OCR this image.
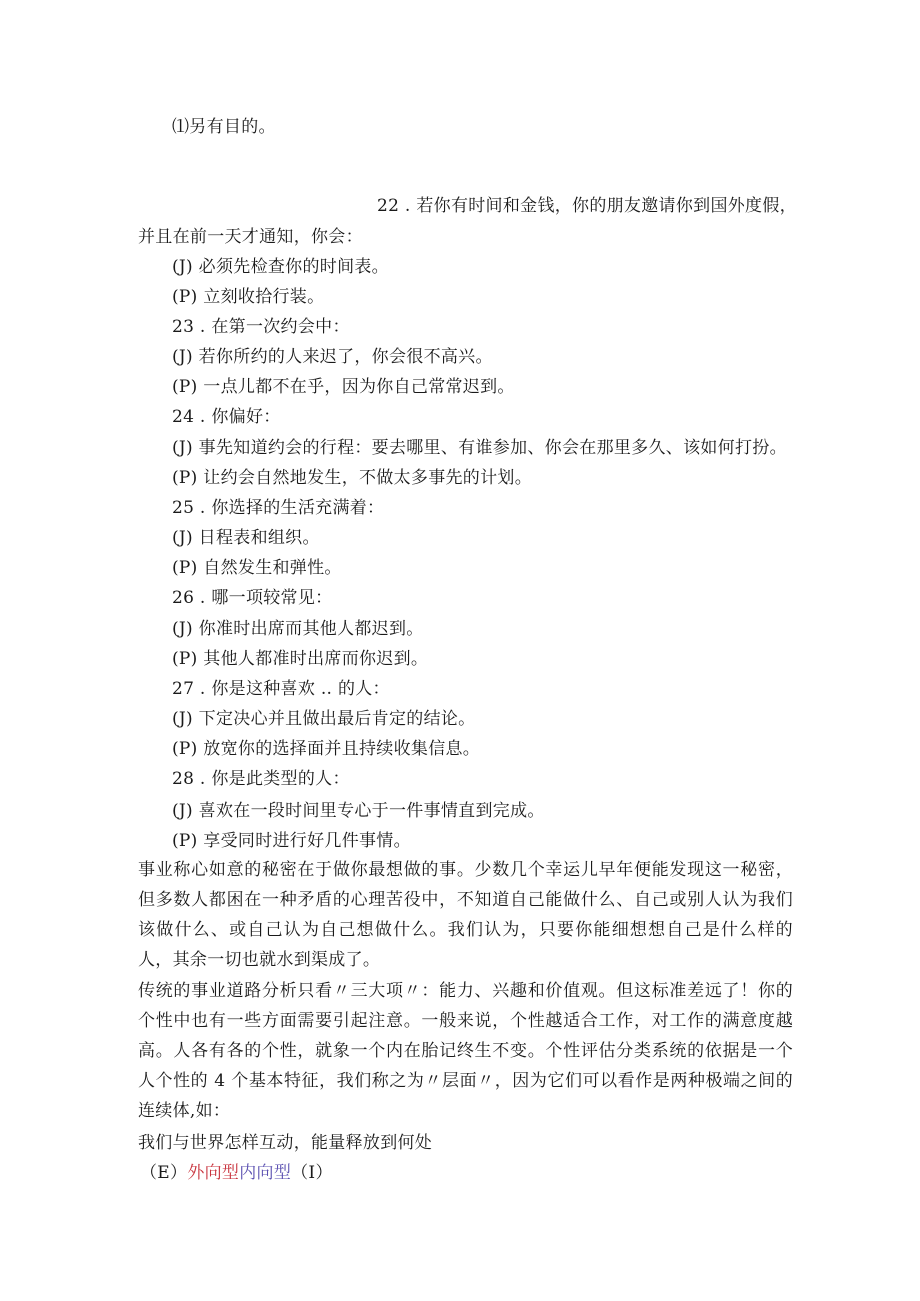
⑴另有目的。
22 . 若你有时间和金钱，你的朋友邀请你到国外度假，
并且在前一天才通知，你会：
(J) 必须先检查你的时间表。
(P) 立刻收拾行装。
23 . 在第一次约会中：
(J) 若你所约的人来迟了，你会很不高兴。
(P) 一点儿都不在乎，因为你自己常常迟到。
24 . 你偏好：
(J) 事先知道约会的行程：要去哪里、有谁参加、你会在那里多久、该如何打扮。
(P) 让约会自然地发生，不做太多事先的计划。
25 . 你选择的生活充满着：
(J) 日程表和组织。
(P) 自然发生和弹性。
26 . 哪一项较常见：
(J) 你准时出席而其他人都迟到。
(P) 其他人都准时出席而你迟到。
27 . 你是这种喜欢 .. 的人：
(J) 下定决心并且做出最后肯定的结论。
(P) 放宽你的选择面并且持续收集信息。
28 . 你是此类型的人：
(J) 喜欢在一段时间里专心于一件事情直到完成。
(P) 享受同时进行好几件事情。
事业称心如意的秘密在于做你最想做的事。少数几个幸运儿早年便能发现这一秘密，但多数人都困在一种矛盾的心理苦役中，不知道自己能做什么、自己或别人认为我们该做什么、或自己认为自己想做什么。我们认为，只要你能细想想自己是什么样的人，其余一切也就水到渠成了。
传统的事业道路分析只看〃三大项〃：能力、兴趣和价值观。但这标准差远了！你的个性中也有一些方面需要引起注意。一般来说，个性越适合工作，对工作的满意度越高。人各有各的个性，就象一个内在胎记终生不变。个性评估分类系统的依据是一个人个性的 4 个基本特征，我们称之为〃层面〃，因为它们可以看作是两种极端之间的连续体,如：
我们与世界怎样互动，能量释放到何处
（E）外向型内向型（I）
